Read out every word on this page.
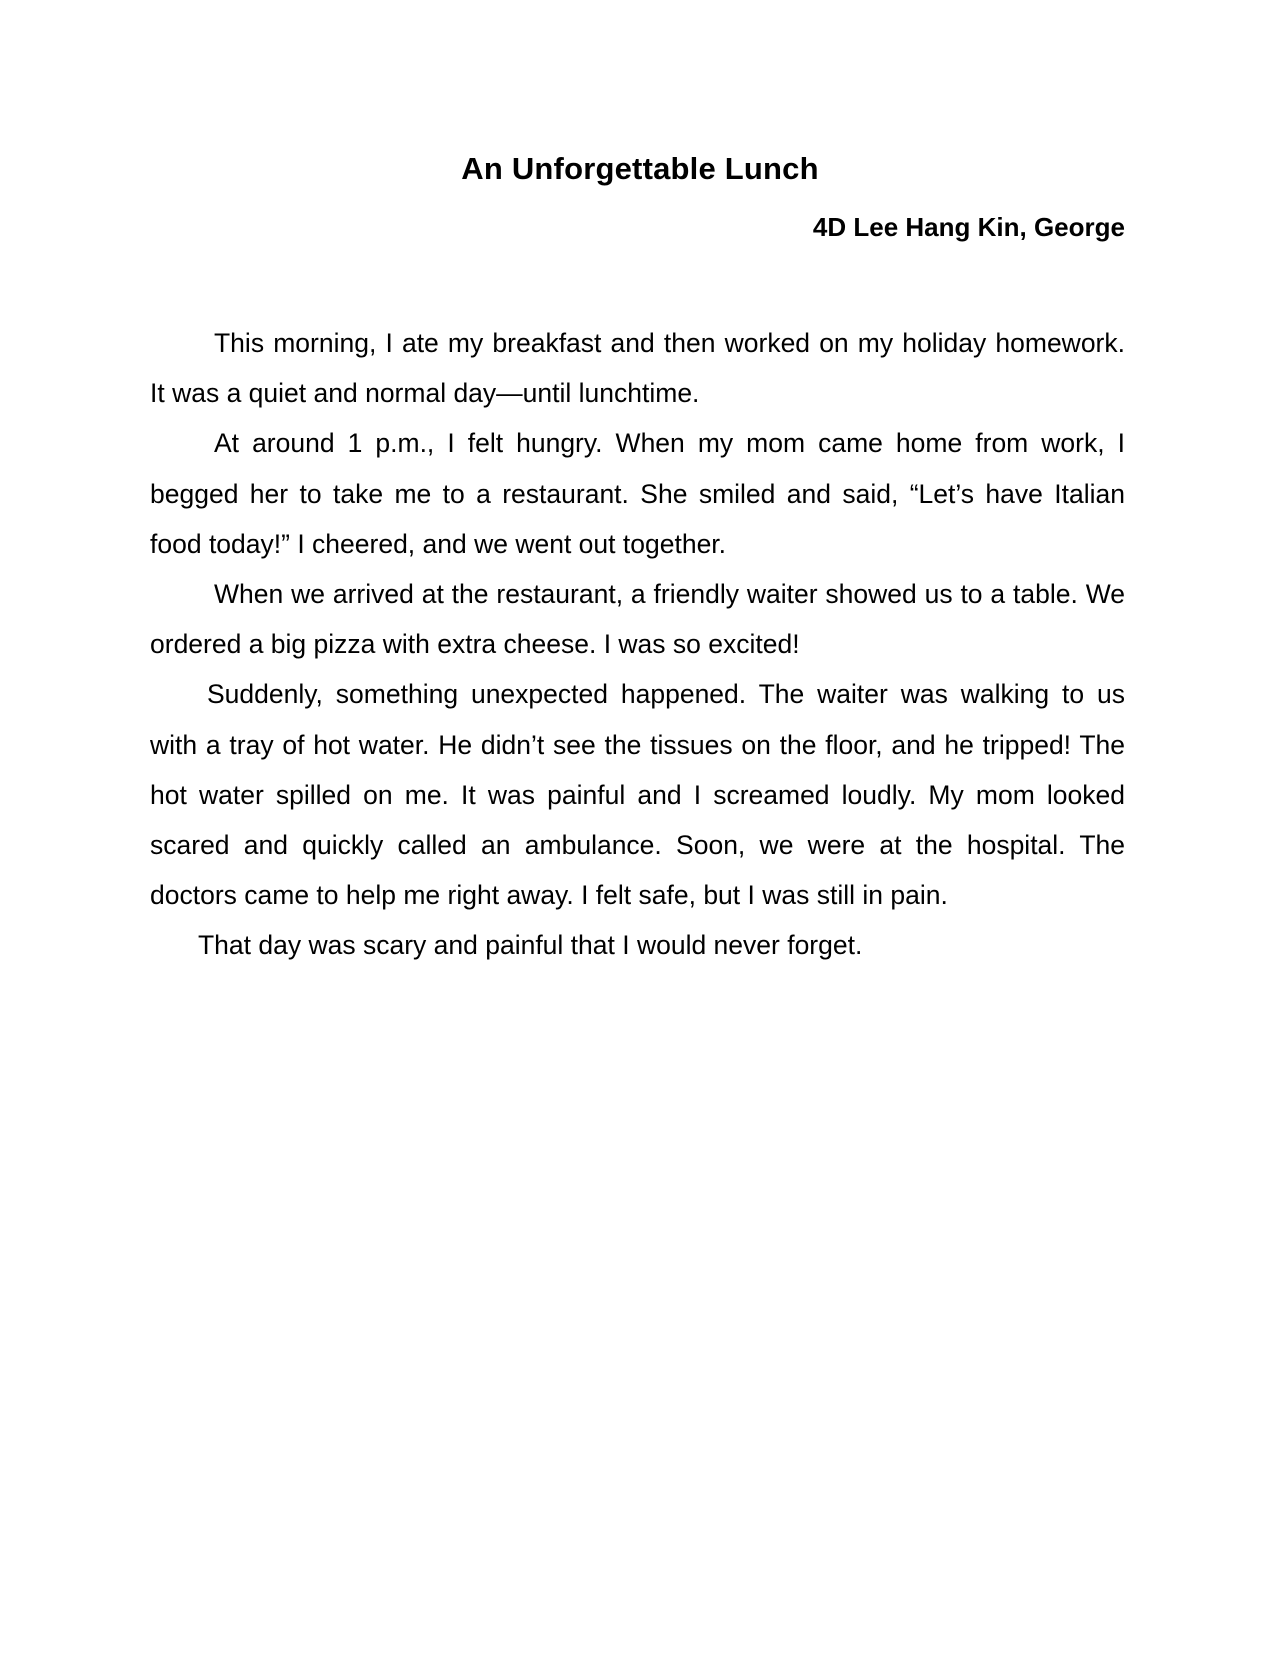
An Unforgettable Lunch
4D Lee Hang Kin, George

This morning, I ate my breakfast and then worked on my holiday homework. It was a quiet and normal day—until lunchtime.

At around 1 p.m., I felt hungry. When my mom came home from work, I begged her to take me to a restaurant. She smiled and said, “Let’s have Italian food today!” I cheered, and we went out together.

When we arrived at the restaurant, a friendly waiter showed us to a table. We ordered a big pizza with extra cheese. I was so excited!

Suddenly, something unexpected happened. The waiter was walking to us with a tray of hot water. He didn’t see the tissues on the floor, and he tripped! The hot water spilled on me. It was painful and I screamed loudly. My mom looked scared and quickly called an ambulance. Soon, we were at the hospital. The doctors came to help me right away. I felt safe, but I was still in pain.

That day was scary and painful that I would never forget.
